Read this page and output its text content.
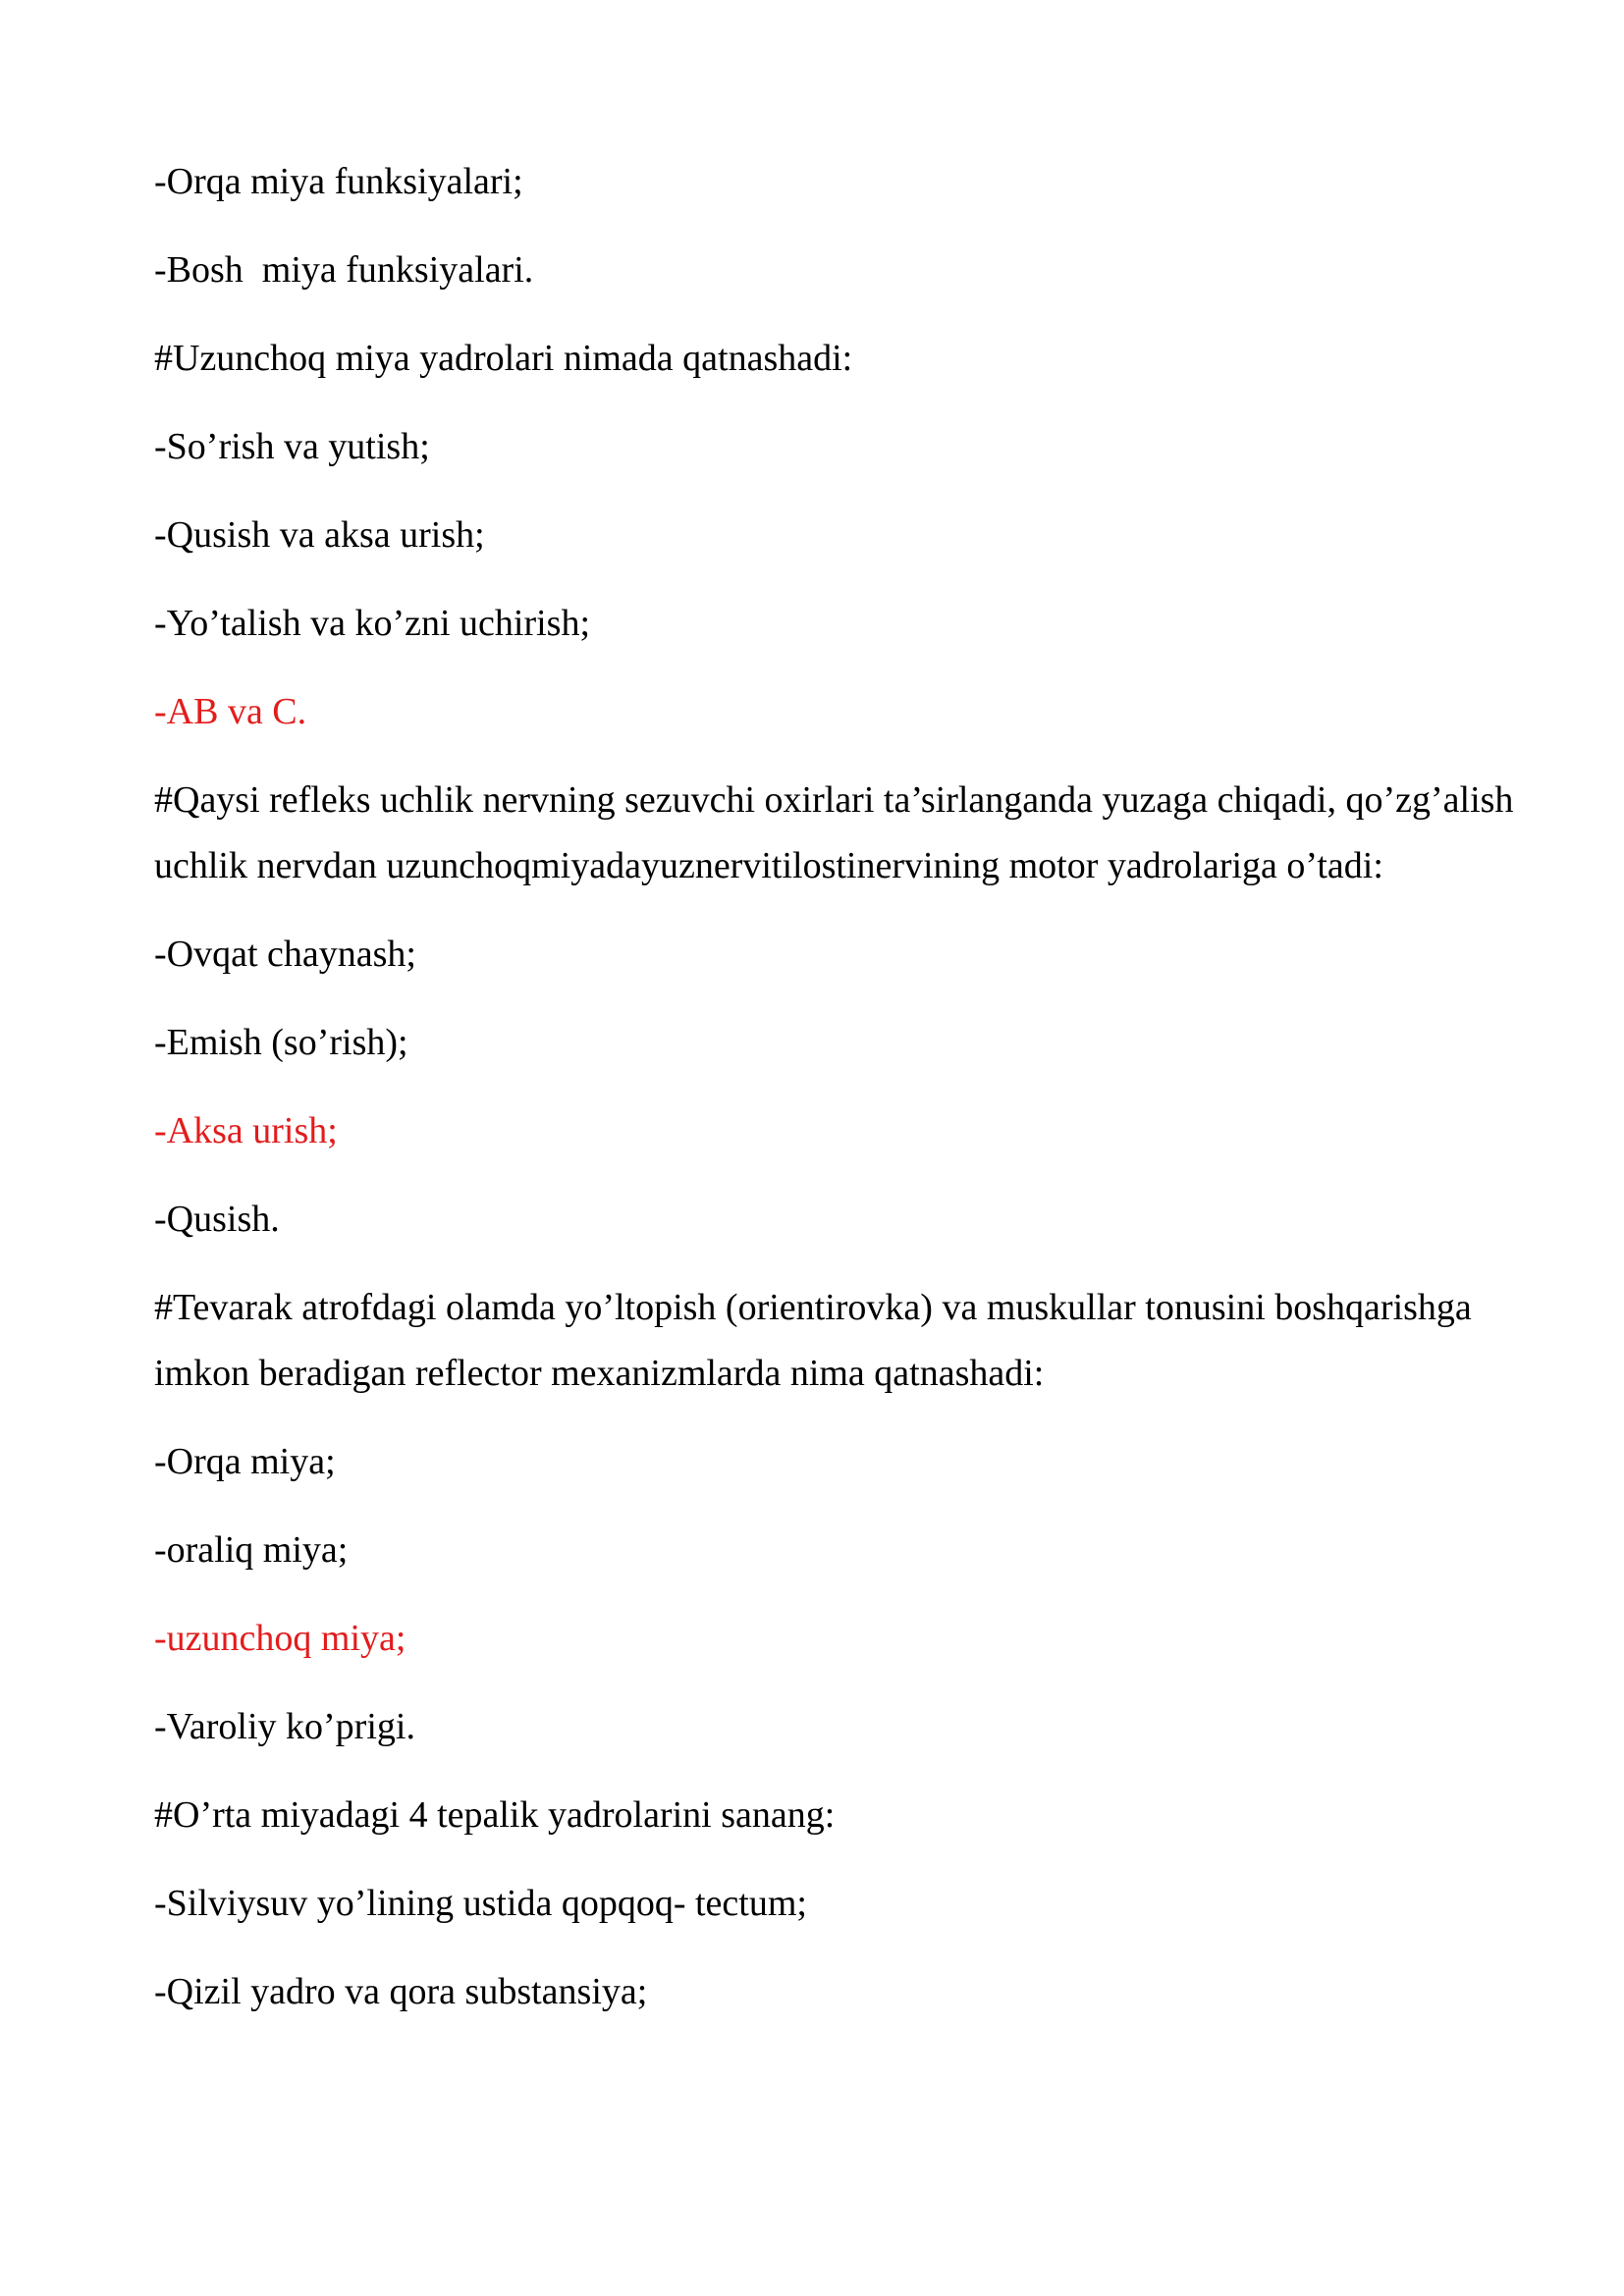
-Orqa miya funksiyalari;

-Bosh  miya funksiyalari.

#Uzunchoq miya yadrolari nimada qatnashadi:

-So’rish va yutish;

-Qusish va aksa urish;

-Yo’talish va ko’zni uchirish;

-AB va C.

#Qaysi refleks uchlik nervning sezuvchi oxirlari ta’sirlanganda yuzaga chiqadi, qo’zg’alish uchlik nervdan uzunchoqmiyadayuznervitilostinervining motor yadrolariga o’tadi:

-Ovqat chaynash;

-Emish (so’rish);

-Aksa urish;

-Qusish.

#Tevarak atrofdagi olamda yo’ltopish (orientirovka) va muskullar tonusini boshqarishga imkon beradigan reflector mexanizmlarda nima qatnashadi:

-Orqa miya;

-oraliq miya;

-uzunchoq miya;

-Varoliy ko’prigi.

#O’rta miyadagi 4 tepalik yadrolarini sanang:

-Silviysuv yo’lining ustida qopqoq- tectum;

-Qizil yadro va qora substansiya;
